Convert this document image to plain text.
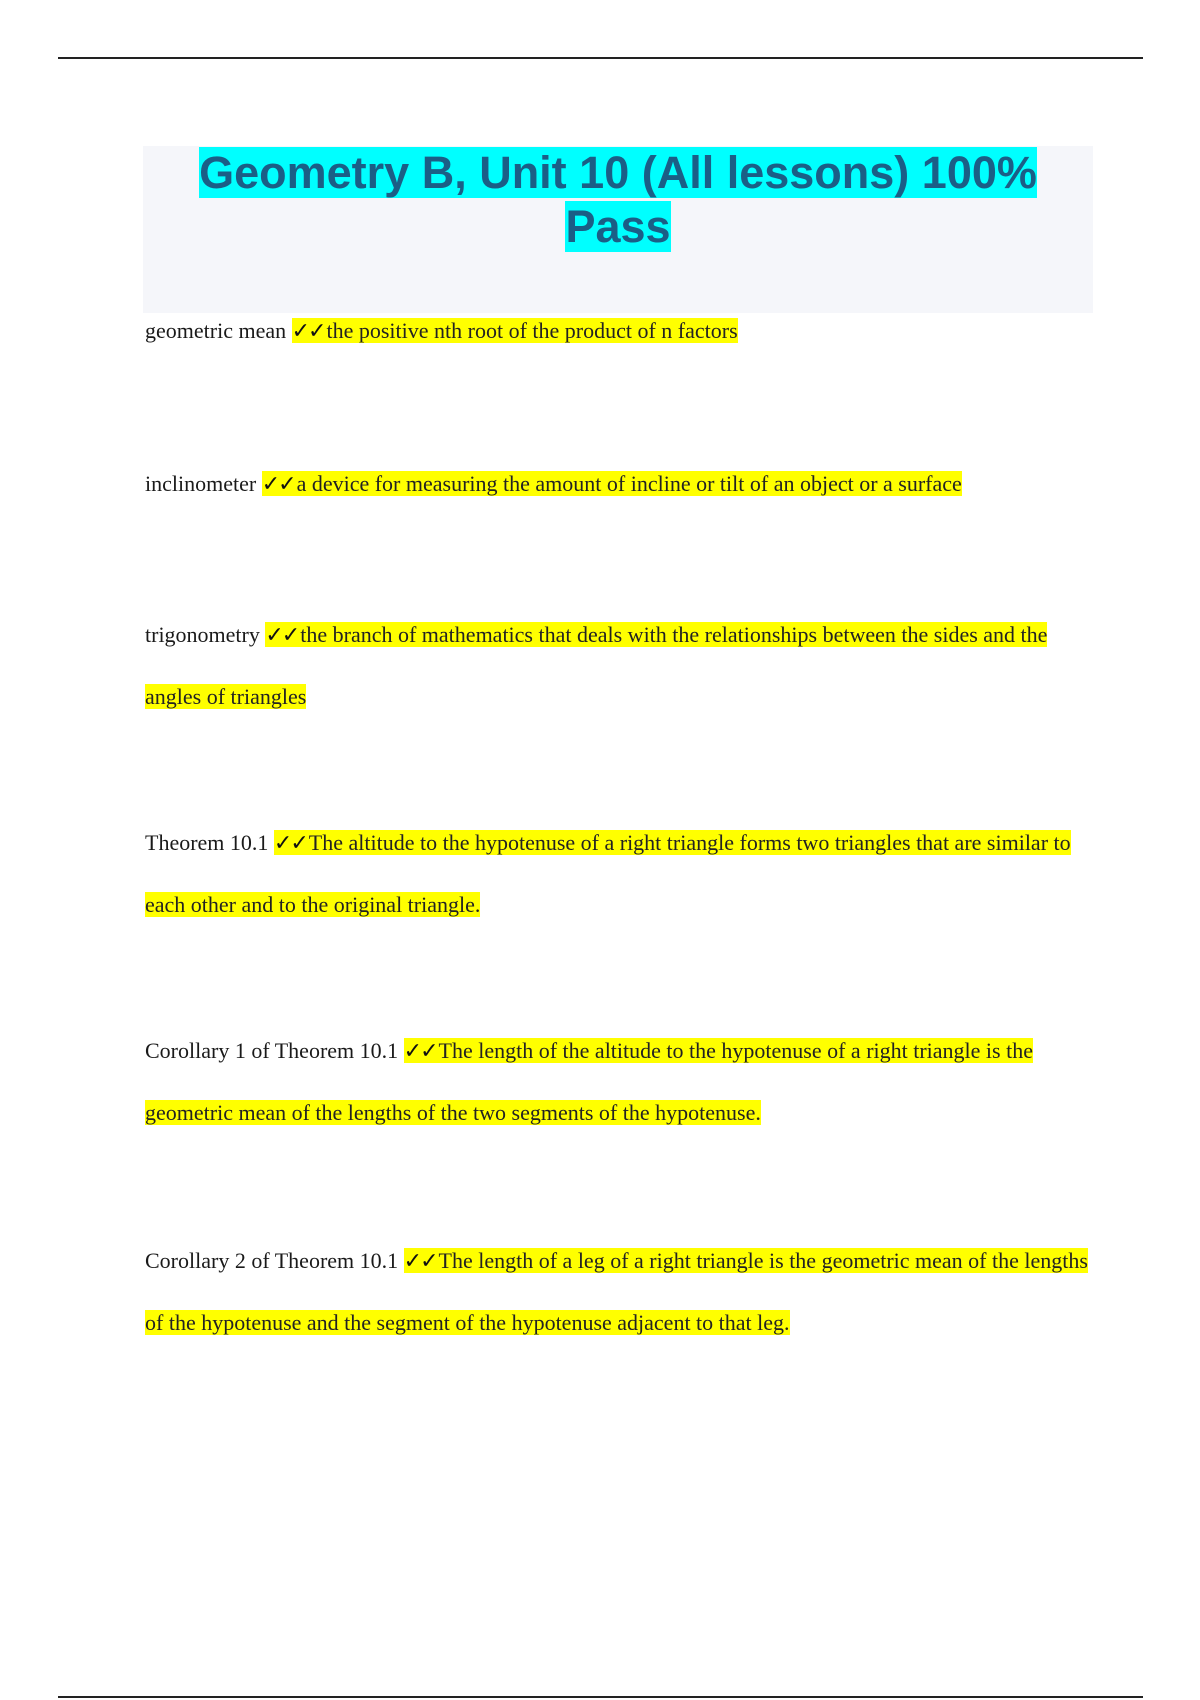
Geometry B, Unit 10 (All lessons) 100% Pass

geometric mean ✓✓the positive nth root of the product of n factors

inclinometer ✓✓a device for measuring the amount of incline or tilt of an object or a surface

trigonometry ✓✓the branch of mathematics that deals with the relationships between the sides and the angles of triangles

Theorem 10.1 ✓✓The altitude to the hypotenuse of a right triangle forms two triangles that are similar to each other and to the original triangle.

Corollary 1 of Theorem 10.1 ✓✓The length of the altitude to the hypotenuse of a right triangle is the geometric mean of the lengths of the two segments of the hypotenuse.

Corollary 2 of Theorem 10.1 ✓✓The length of a leg of a right triangle is the geometric mean of the lengths of the hypotenuse and the segment of the hypotenuse adjacent to that leg.
